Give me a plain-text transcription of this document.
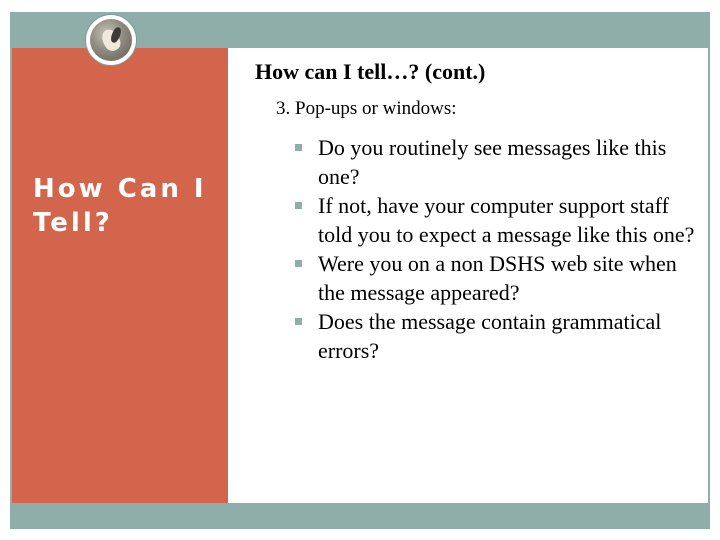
How Can I Tell?
How can I tell…? (cont.)

3. Pop-ups or windows:

Do you routinely see messages like this one?
If not, have your computer support staff told you to expect a message like this one?
Were you on a non DSHS web site when the message appeared?
Does the message contain grammatical errors?
